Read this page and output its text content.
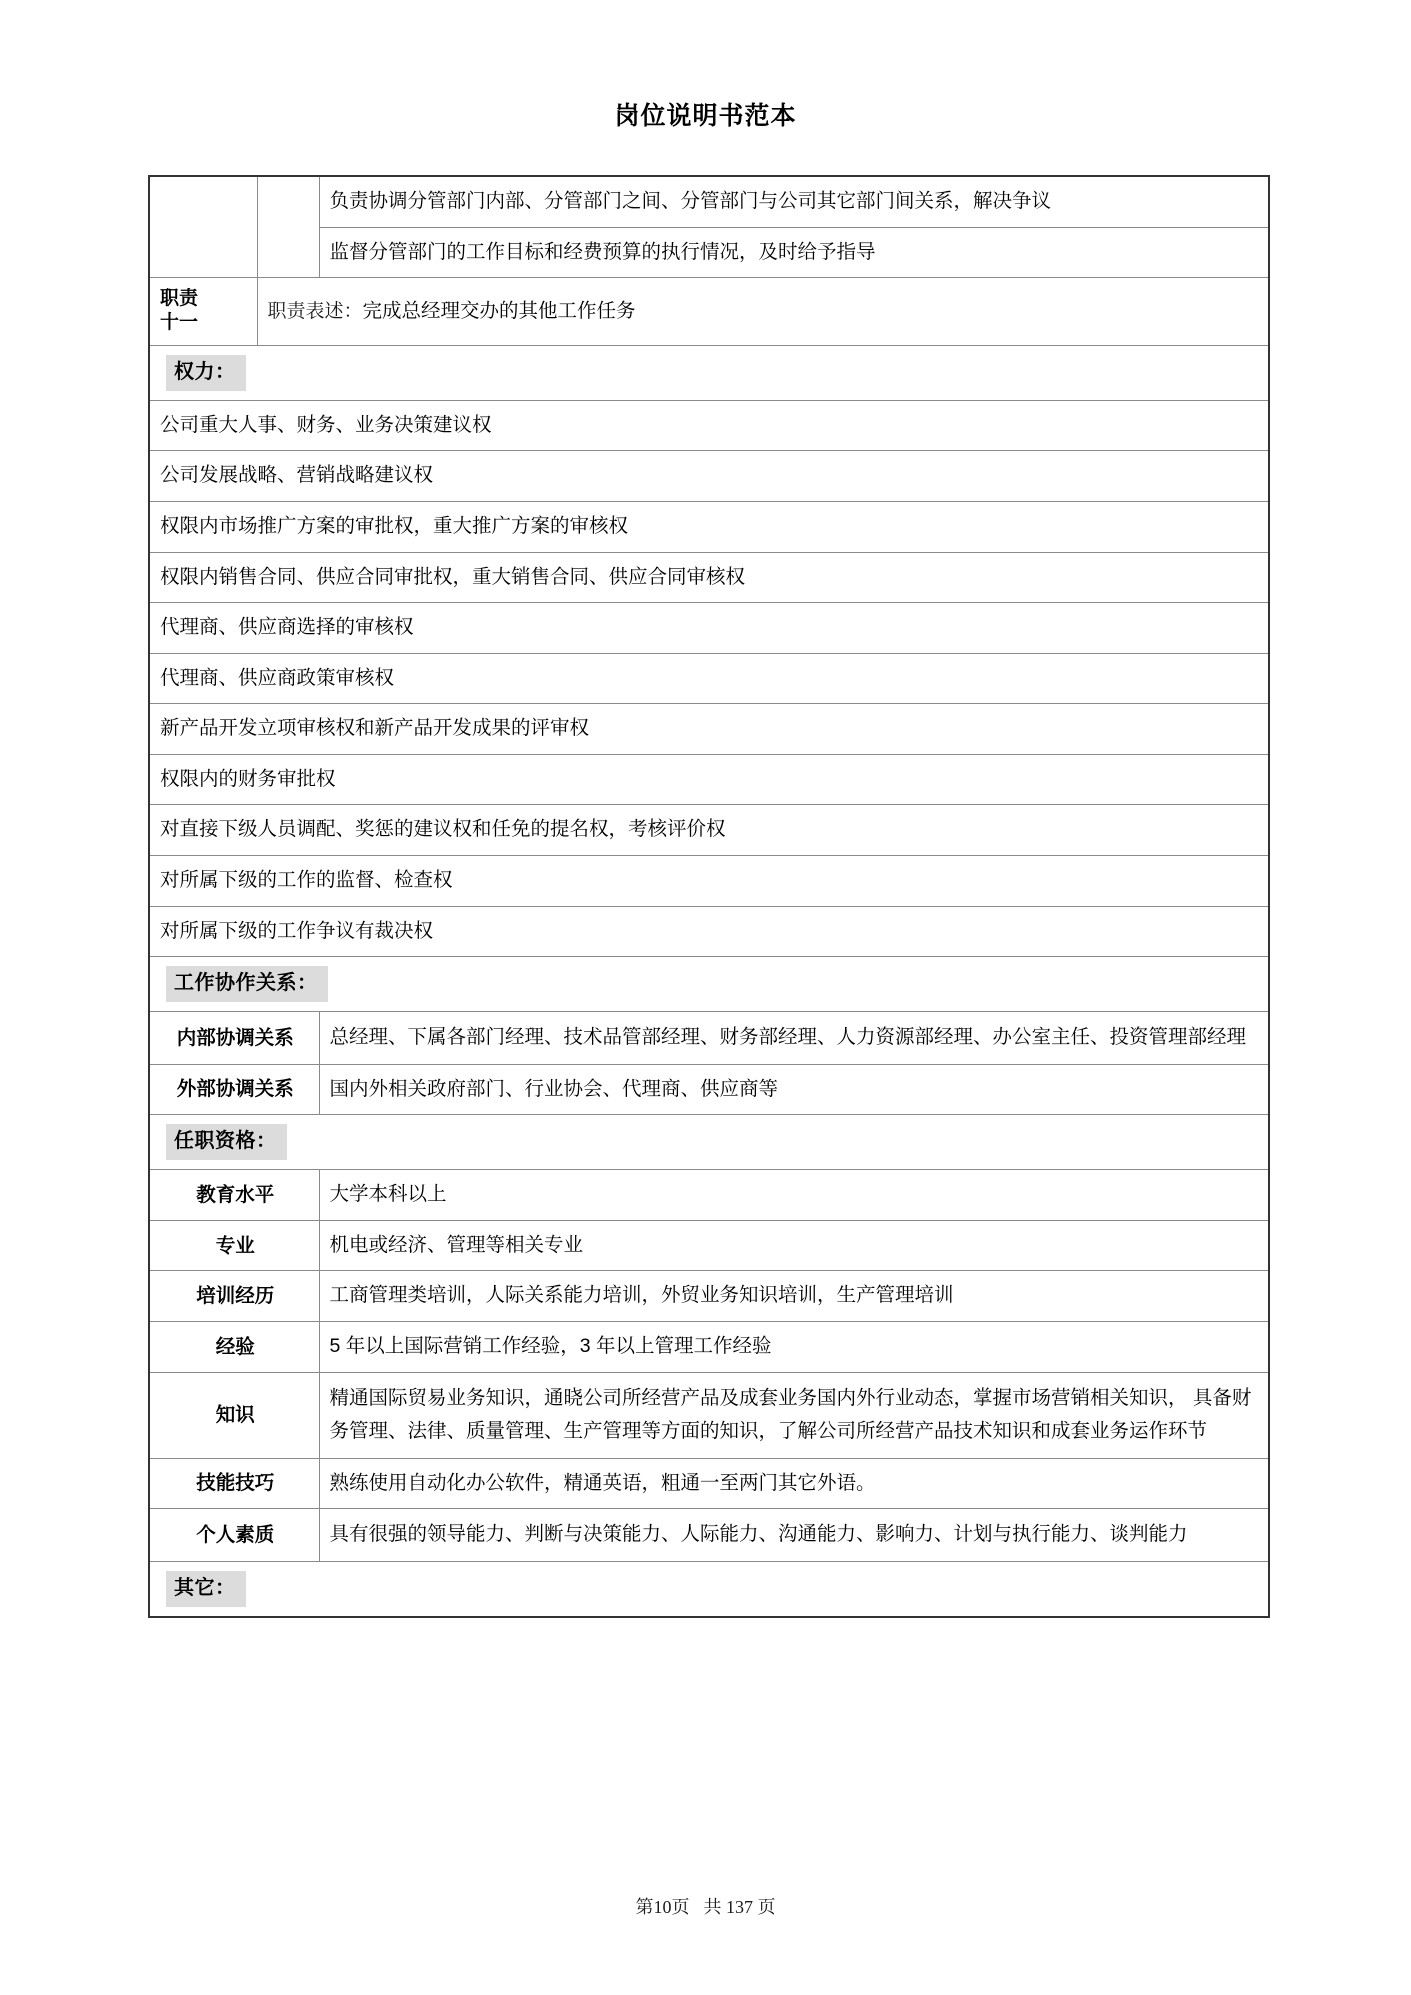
岗位说明书范本
		负责协调分管部门内部、分管部门之间、分管部门与公司其它部门间关系，解决争议
		监督分管部门的工作目标和经费预算的执行情况，及时给予指导
职责
十一	职责表述：完成总经理交办的其他工作任务	
权力：		
公司重大人事、财务、业务决策建议权		
公司发展战略、营销战略建议权		
权限内市场推广方案的审批权，重大推广方案的审核权		
权限内销售合同、供应合同审批权，重大销售合同、供应合同审核权		
代理商、供应商选择的审核权		
代理商、供应商政策审核权		
新产品开发立项审核权和新产品开发成果的评审权		
权限内的财务审批权		
对直接下级人员调配、奖惩的建议权和任免的提名权，考核评价权		
对所属下级的工作的监督、检查权		
对所属下级的工作争议有裁决权		
工作协作关系：		
内部协调关系		总经理、下属各部门经理、技术品管部经理、财务部经理、人力资源部经理、办公室主任、投资管理部经理
外部协调关系		国内外相关政府部门、行业协会、代理商、供应商等
任职资格：		
教育水平		大学本科以上
专业		机电或经济、管理等相关专业
培训经历		工商管理类培训，人际关系能力培训，外贸业务知识培训，生产管理培训
经验		5 年以上国际营销工作经验，3 年以上管理工作经验
知识		精通国际贸易业务知识，通晓公司所经营产品及成套业务国内外行业动态，掌握市场营销相关知识， 具备财务管理、法律、质量管理、生产管理等方面的知识，了解公司所经营产品技术知识和成套业务运作环节
技能技巧		熟练使用自动化办公软件，精通英语，粗通一至两门其它外语。
个人素质		具有很强的领导能力、判断与决策能力、人际能力、沟通能力、影响力、计划与执行能力、谈判能力
其它：		
第10页 共 137 页
